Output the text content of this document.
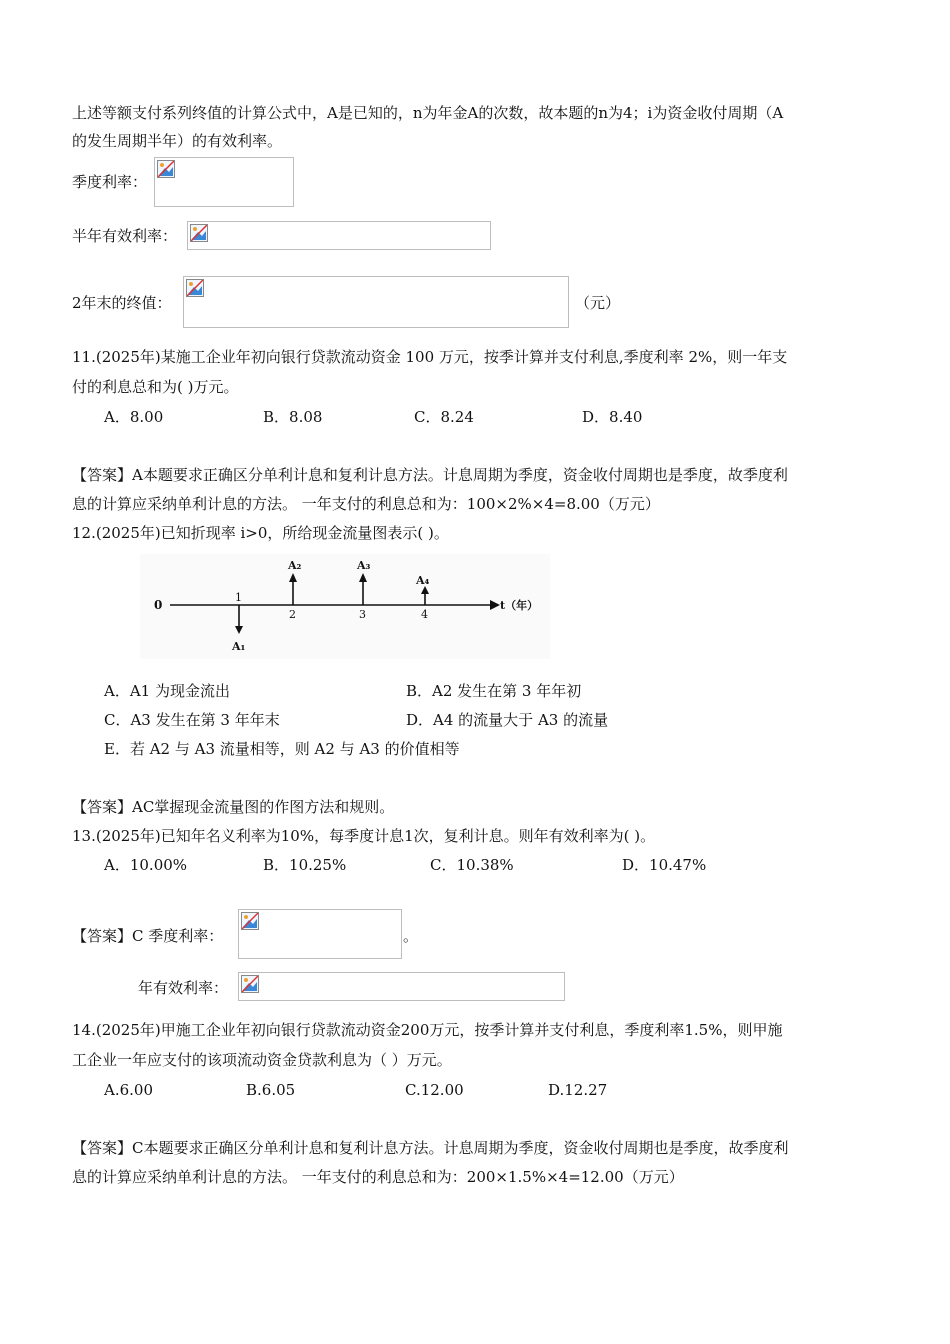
上述等额支付系列终值的计算公式中，A是已知的，n为年金A的次数，故本题的n为4；i为资金收付周期（A
的发生周期半年）的有效利率。
季度利率：
半年有效利率：
2年末的终值：	（元）
11.(2025年)某施工企业年初向银行贷款流动资金 100 万元，按季计算并支付利息,季度利率 2%，则一年支
付的利息总和为( )万元。
A．8.00	B．8.08	C．8.24	D．8.40
【答案】A本题要求正确区分单利计息和复利计息方法。计息周期为季度，资金收付周期也是季度，故季度利
息的计算应采纳单利计息的方法。 一年支付的利息总和为：100×2%×4=8.00（万元）
12.(2025年)已知折现率 i>0，所给现金流量图表示( )。
0	t（年）
1
2	3	4
A₁
A₂	A₃
A₄
A．A1 为现金流出	B．A2 发生在第 3 年年初
C．A3 发生在第 3 年年末	D．A4 的流量大于 A3 的流量
E．若 A2 与 A3 流量相等，则 A2 与 A3 的价值相等
【答案】AC掌握现金流量图的作图方法和规则。
13.(2025年)已知年名义利率为10%，每季度计息1次，复利计息。则年有效利率为( )。
A．10.00%	B．10.25%	C．10.38%	D．10.47%
【答案】C 季度利率：	。
年有效利率：
14.(2025年)甲施工企业年初向银行贷款流动资金200万元，按季计算并支付利息，季度利率1.5%，则甲施
工企业一年应支付的该项流动资金贷款利息为（ ）万元。
A.6.00	B.6.05	C.12.00	D.12.27
【答案】C本题要求正确区分单利计息和复利计息方法。计息周期为季度，资金收付周期也是季度，故季度利
息的计算应采纳单利计息的方法。 一年支付的利息总和为：200×1.5%×4=12.00（万元）
